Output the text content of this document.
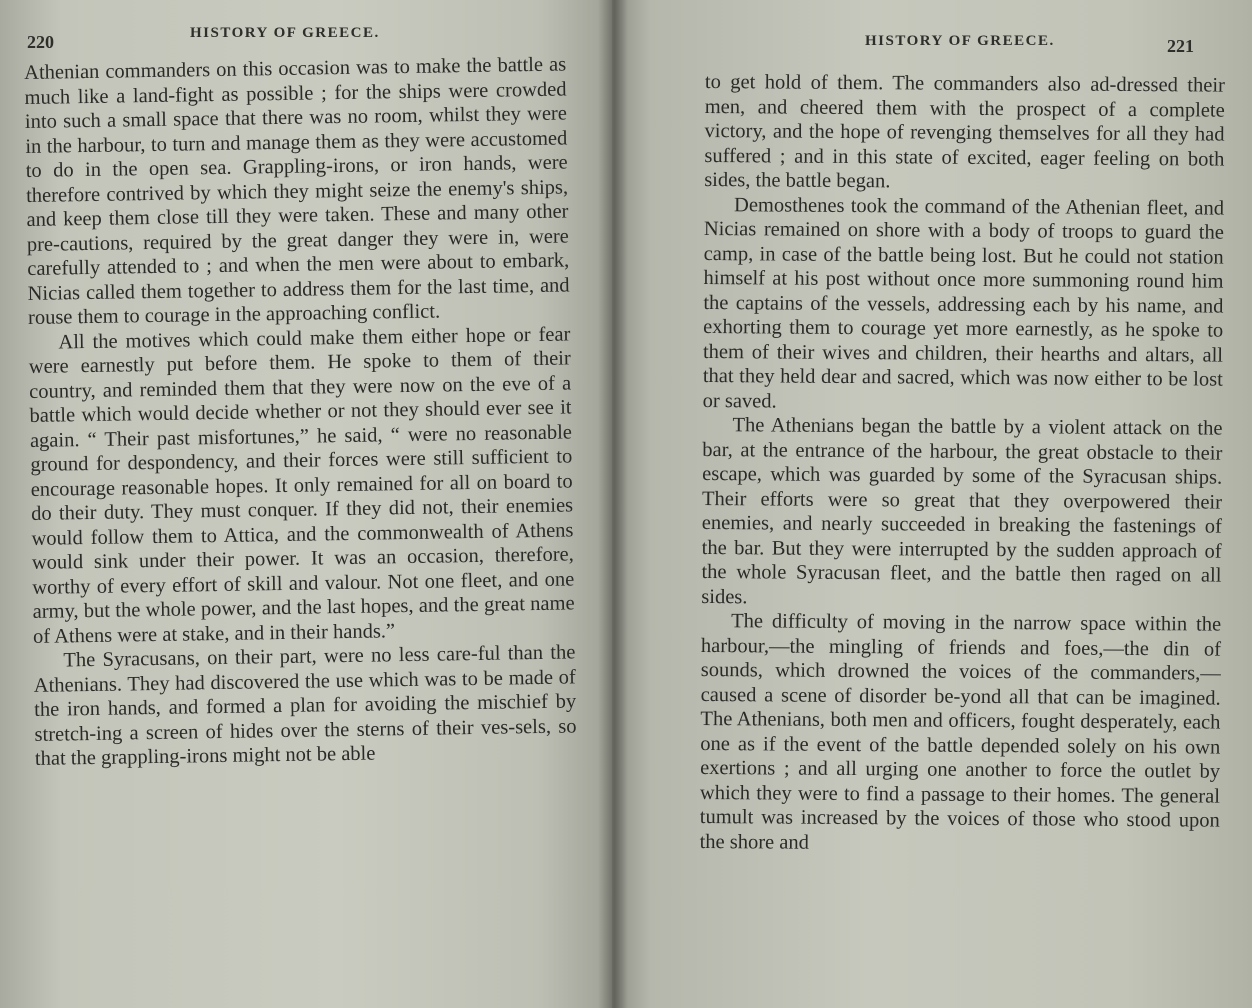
220	HISTORY OF GREECE.

Athenian commanders on this occasion was to make the battle as much like a land-fight as possible ; for the ships were crowded into such a small space that there was no room, whilst they were in the harbour, to turn and manage them as they were accustomed to do in the open sea. Grappling-irons, or iron hands, were therefore contrived by which they might seize the enemy's ships, and keep them close till they were taken. These and many other pre-cautions, required by the great danger they were in, were carefully attended to ; and when the men were about to embark, Nicias called them together to address them for the last time, and rouse them to courage in the approaching conflict.

All the motives which could make them either hope or fear were earnestly put before them. He spoke to them of their country, and reminded them that they were now on the eve of a battle which would decide whether or not they should ever see it again. “ Their past misfortunes,” he said, “ were no reasonable ground for despondency, and their forces were still sufficient to encourage reasonable hopes. It only remained for all on board to do their duty. They must conquer. If they did not, their enemies would follow them to Attica, and the commonwealth of Athens would sink under their power. It was an occasion, therefore, worthy of every effort of skill and valour. Not one fleet, and one army, but the whole power, and the last hopes, and the great name of Athens were at stake, and in their hands.”

The Syracusans, on their part, were no less care-ful than the Athenians. They had discovered the use which was to be made of the iron hands, and formed a plan for avoiding the mischief by stretch-ing a screen of hides over the sterns of their ves-sels, so that the grappling-irons might not be able

HISTORY OF GREECE.	221

to get hold of them. The commanders also ad-dressed their men, and cheered them with the prospect of a complete victory, and the hope of revenging themselves for all they had suffered ; and in this state of excited, eager feeling on both sides, the battle began.

Demosthenes took the command of the Athenian fleet, and Nicias remained on shore with a body of troops to guard the camp, in case of the battle being lost. But he could not station himself at his post without once more summoning round him the captains of the vessels, addressing each by his name, and exhorting them to courage yet more earnestly, as he spoke to them of their wives and children, their hearths and altars, all that they held dear and sacred, which was now either to be lost or saved.

The Athenians began the battle by a violent attack on the bar, at the entrance of the harbour, the great obstacle to their escape, which was guarded by some of the Syracusan ships. Their efforts were so great that they overpowered their enemies, and nearly succeeded in breaking the fastenings of the bar. But they were interrupted by the sudden approach of the whole Syracusan fleet, and the battle then raged on all sides.

The difficulty of moving in the narrow space within the harbour,—the mingling of friends and foes,—the din of sounds, which drowned the voices of the commanders,—caused a scene of disorder be-yond all that can be imagined. The Athenians, both men and officers, fought desperately, each one as if the event of the battle depended solely on his own exertions ; and all urging one another to force the outlet by which they were to find a passage to their homes. The general tumult was increased by the voices of those who stood upon the shore and
